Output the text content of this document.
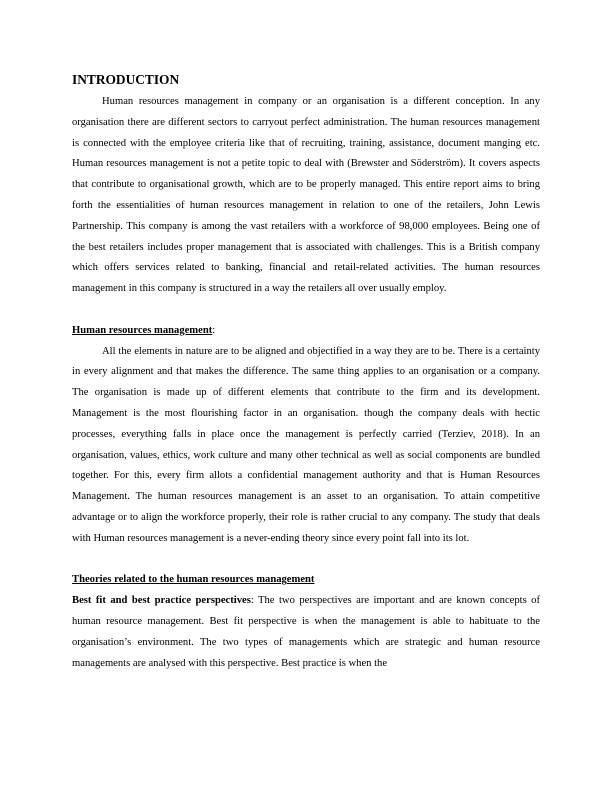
INTRODUCTION

Human resources management in company or an organisation is a different conception. In any organisation there are different sectors to carryout perfect administration. The human resources management is connected with the employee criteria like that of recruiting, training, assistance, document manging etc. Human resources management is not a petite topic to deal with (Brewster and Söderström). It covers aspects that contribute to organisational growth, which are to be properly managed. This entire report aims to bring forth the essentialities of human resources management in relation to one of the retailers, John Lewis Partnership. This company is among the vast retailers with a workforce of 98,000 employees. Being one of the best retailers includes proper management that is associated with challenges. This is a British company which offers services related to banking, financial and retail-related activities. The human resources management in this company is structured in a way the retailers all over usually employ.

Human resources management:

All the elements in nature are to be aligned and objectified in a way they are to be. There is a certainty in every alignment and that makes the difference. The same thing applies to an organisation or a company. The organisation is made up of different elements that contribute to the firm and its development. Management is the most flourishing factor in an organisation. though the company deals with hectic processes, everything falls in place once the management is perfectly carried (Terziev, 2018). In an organisation, values, ethics, work culture and many other technical as well as social components are bundled together. For this, every firm allots a confidential management authority and that is Human Resources Management. The human resources management is an asset to an organisation. To attain competitive advantage or to align the workforce properly, their role is rather crucial to any company. The study that deals with Human resources management is a never-ending theory since every point fall into its lot.

Theories related to the human resources management

Best fit and best practice perspectives: The two perspectives are important and are known concepts of human resource management. Best fit perspective is when the management is able to habituate to the organisation’s environment. The two types of managements which are strategic and human resource managements are analysed with this perspective. Best practice is when the
